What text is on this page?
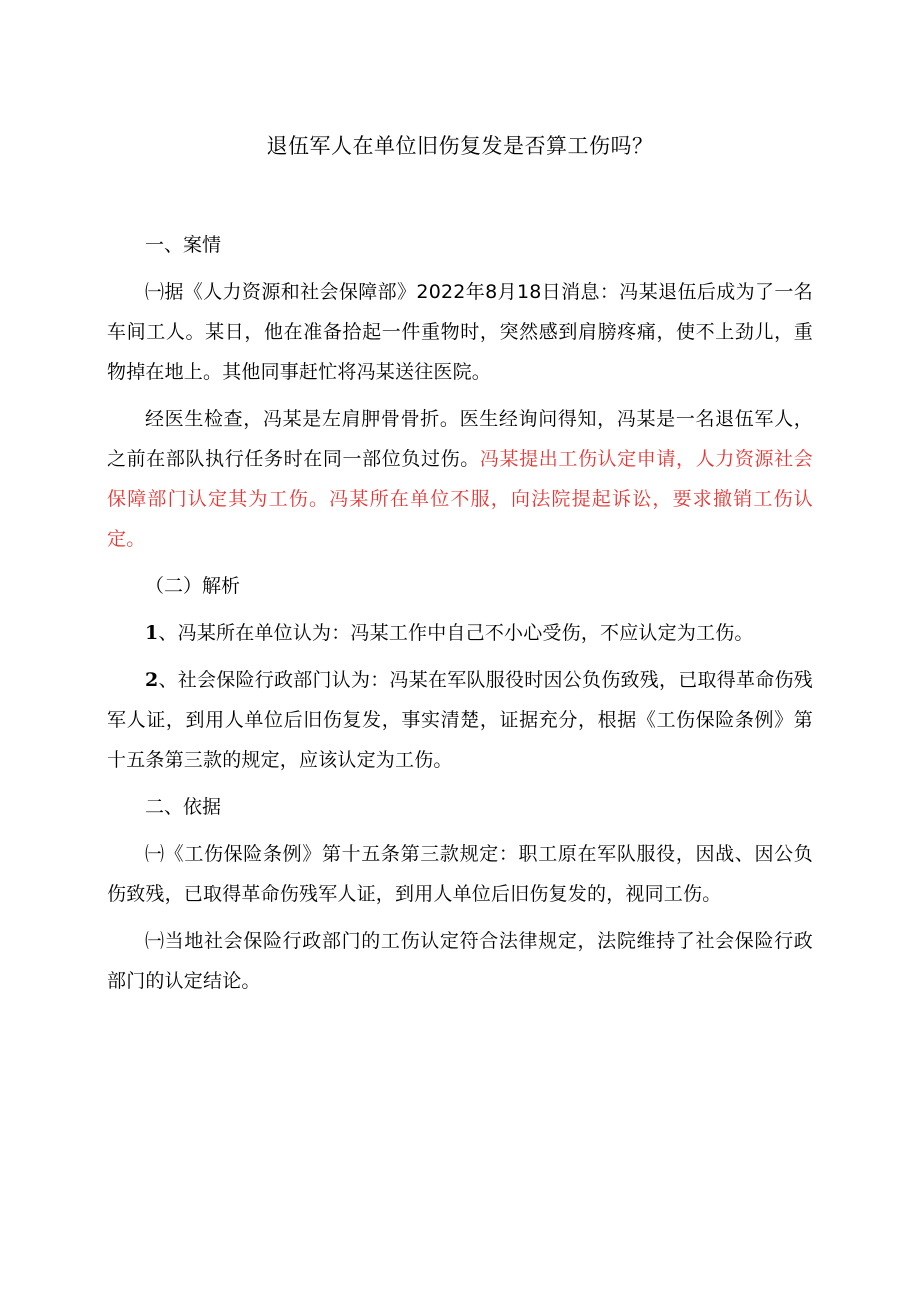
退伍军人在单位旧伤复发是否算工伤吗？

一、案情

㈠据《人力资源和社会保障部》2022年8月18日消息：冯某退伍后成为了一名车间工人。某日，他在准备拾起一件重物时，突然感到肩膀疼痛，使不上劲儿，重物掉在地上。其他同事赶忙将冯某送往医院。

经医生检查，冯某是左肩胛骨骨折。医生经询问得知，冯某是一名退伍军人，之前在部队执行任务时在同一部位负过伤。冯某提出工伤认定申请，人力资源社会保障部门认定其为工伤。冯某所在单位不服，向法院提起诉讼，要求撤销工伤认定。

（二）解析

1、冯某所在单位认为：冯某工作中自己不小心受伤，不应认定为工伤。

2、社会保险行政部门认为：冯某在军队服役时因公负伤致残，已取得革命伤残军人证，到用人单位后旧伤复发，事实清楚，证据充分，根据《工伤保险条例》第十五条第三款的规定，应该认定为工伤。

二、依据

㈠《工伤保险条例》第十五条第三款规定：职工原在军队服役，因战、因公负伤致残，已取得革命伤残军人证，到用人单位后旧伤复发的，视同工伤。

㈠当地社会保险行政部门的工伤认定符合法律规定，法院维持了社会保险行政部门的认定结论。
